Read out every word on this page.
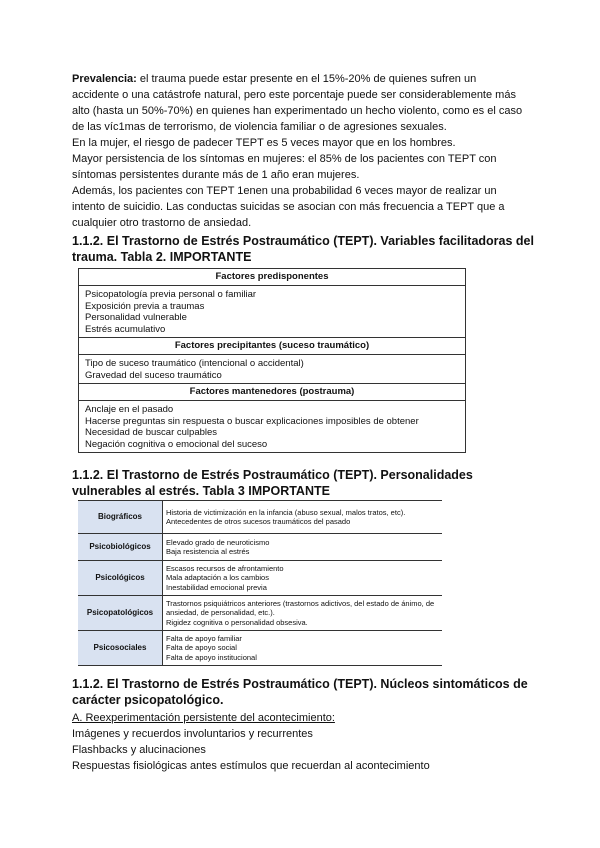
Prevalencia: el trauma puede estar presente en el 15%-20% de quienes sufren un
accidente o una catástrofe natural, pero este porcentaje puede ser considerablemente más
alto (hasta un 50%-70%) en quienes han experimentado un hecho violento, como es el caso
de las víc1mas de terrorismo, de violencia familiar o de agresiones sexuales.
En la mujer, el riesgo de padecer TEPT es 5 veces mayor que en los hombres.
Mayor persistencia de los síntomas en mujeres: el 85% de los pacientes con TEPT con
síntomas persistentes durante más de 1 año eran mujeres.
Además, los pacientes con TEPT 1enen una probabilidad 6 veces mayor de realizar un
intento de suicidio. Las conductas suicidas se asocian con más frecuencia a TEPT que a
cualquier otro trastorno de ansiedad.
1.1.2. El Trastorno de Estrés Postraumático (TEPT). Variables facilitadoras del trauma. Tabla 2. IMPORTANTE
Factores predisponentes
Psicopatología previa personal o familiar
Exposición previa a traumas
Personalidad vulnerable
Estrés acumulativo
Factores precipitantes (suceso traumático)
Tipo de suceso traumático (intencional o accidental)
Gravedad del suceso traumático
Factores mantenedores (postrauma)
Anclaje en el pasado
Hacerse preguntas sin respuesta o buscar explicaciones imposibles de obtener
Necesidad de buscar culpables
Negación cognitiva o emocional del suceso
1.1.2. El Trastorno de Estrés Postraumático (TEPT). Personalidades vulnerables al estrés. Tabla 3 IMPORTANTE
Biográficos	Historia de victimización en la infancia (abuso sexual, malos tratos, etc).
Antecedentes de otros sucesos traumáticos del pasado

Psicobiológicos	Elevado grado de neuroticismo
Baja resistencia al estrés

Psicológicos	Escasos recursos de afrontamiento
Mala adaptación a los cambios
Inestabilidad emocional previa

Psicopatológicos	Trastornos psiquiátricos anteriores (trastornos adictivos, del estado de ánimo, de ansiedad, de personalidad, etc.).
Rigidez cognitiva o personalidad obsesiva.

Psicosociales	Falta de apoyo familiar
Falta de apoyo social
Falta de apoyo institucional
1.1.2. El Trastorno de Estrés Postraumático (TEPT). Núcleos sintomáticos de carácter psicopatológico.
A. Reexperimentación persistente del acontecimiento:
Imágenes y recuerdos involuntarios y recurrentes
Flashbacks y alucinaciones
Respuestas fisiológicas antes estímulos que recuerdan al acontecimiento
